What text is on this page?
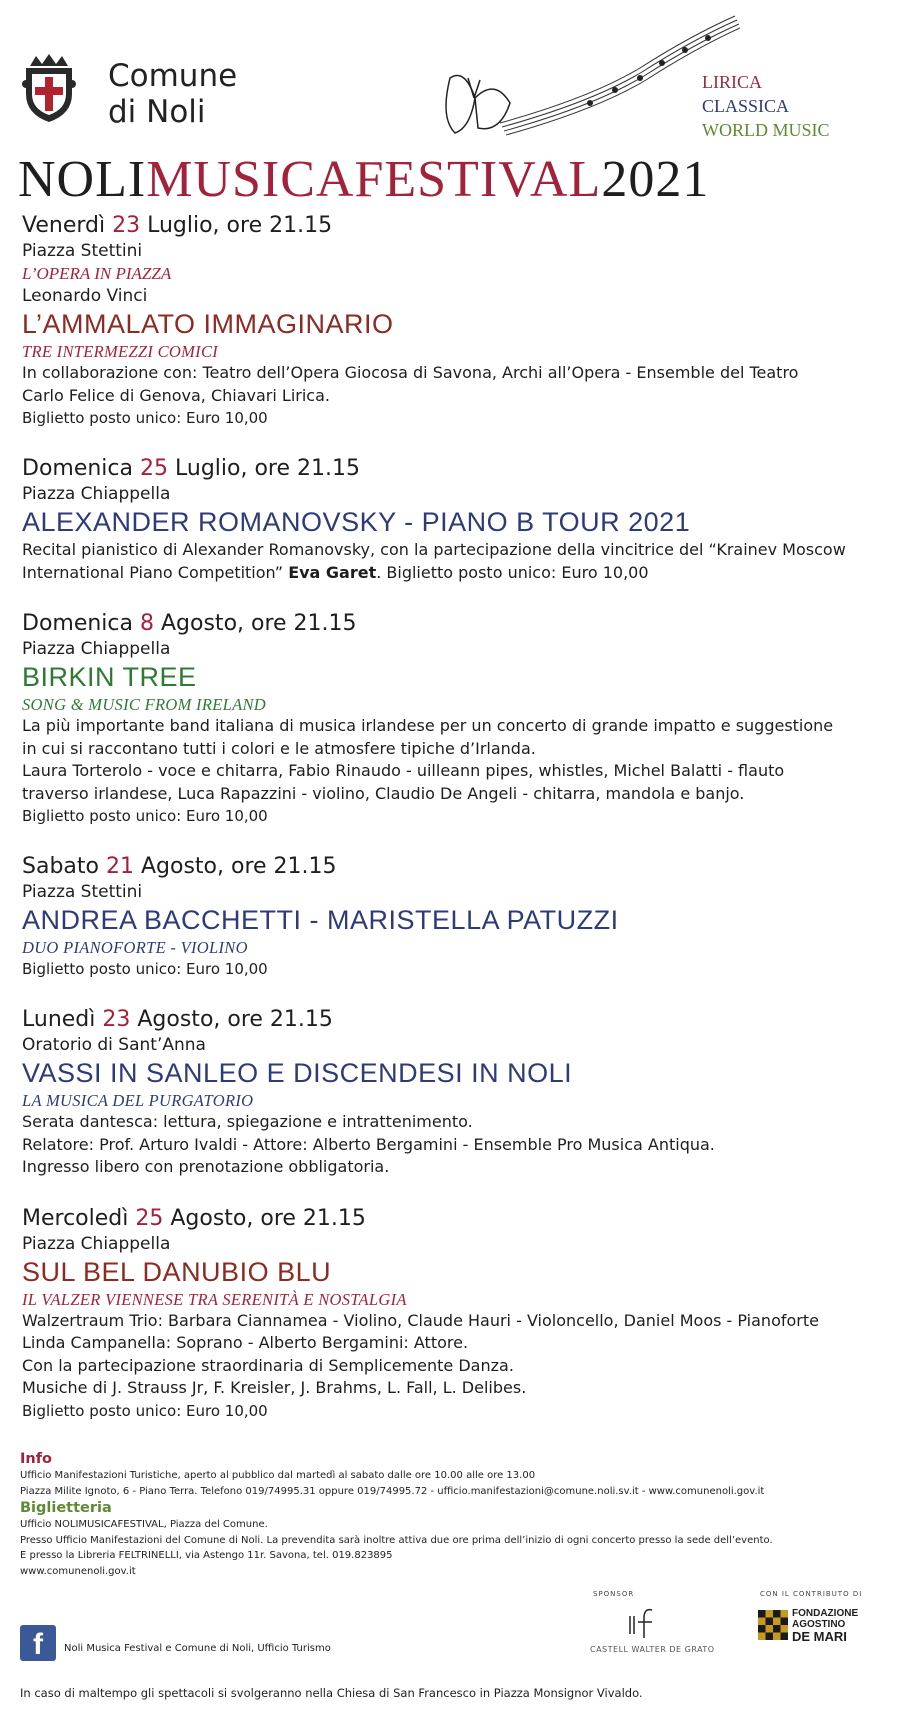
Comune
di Noli
LIRICA
CLASSICA
WORLD MUSIC
NOLIMUSICAFESTIVAL2021
Venerdì 23 Luglio, ore 21.15
Piazza Stettini
L’OPERA IN PIAZZA
Leonardo Vinci
L’AMMALATO IMMAGINARIO
TRE INTERMEZZI COMICI
In collaborazione con: Teatro dell’Opera Giocosa di Savona, Archi all’Opera - Ensemble del Teatro
Carlo Felice di Genova, Chiavari Lirica.
Biglietto posto unico: Euro 10,00
Domenica 25 Luglio, ore 21.15
Piazza Chiappella
ALEXANDER ROMANOVSKY - PIANO B TOUR 2021
Recital pianistico di Alexander Romanovsky, con la partecipazione della vincitrice del “Krainev Moscow
International Piano Competition” Eva Garet. Biglietto posto unico: Euro 10,00
Domenica 8 Agosto, ore 21.15
Piazza Chiappella
BIRKIN TREE
SONG & MUSIC FROM IRELAND
La più importante band italiana di musica irlandese per un concerto di grande impatto e suggestione
in cui si raccontano tutti i colori e le atmosfere tipiche d’Irlanda.
Laura Torterolo - voce e chitarra, Fabio Rinaudo - uilleann pipes, whistles, Michel Balatti - flauto
traverso irlandese, Luca Rapazzini - violino, Claudio De Angeli - chitarra, mandola e banjo.
Biglietto posto unico: Euro 10,00
Sabato 21 Agosto, ore 21.15
Piazza Stettini
ANDREA BACCHETTI - MARISTELLA PATUZZI
DUO PIANOFORTE - VIOLINO
Biglietto posto unico: Euro 10,00
Lunedì 23 Agosto, ore 21.15
Oratorio di Sant’Anna
VASSI IN SANLEO E DISCENDESI IN NOLI
LA MUSICA DEL PURGATORIO
Serata dantesca: lettura, spiegazione e intrattenimento.
Relatore: Prof. Arturo Ivaldi - Attore: Alberto Bergamini - Ensemble Pro Musica Antiqua.
Ingresso libero con prenotazione obbligatoria.
Mercoledì 25 Agosto, ore 21.15
Piazza Chiappella
SUL BEL DANUBIO BLU
IL VALZER VIENNESE TRA SERENITÀ E NOSTALGIA
Walzertraum Trio: Barbara Ciannamea - Violino, Claude Hauri - Violoncello, Daniel Moos - Pianoforte
Linda Campanella: Soprano - Alberto Bergamini: Attore.
Con la partecipazione straordinaria di Semplicemente Danza.
Musiche di J. Strauss Jr, F. Kreisler, J. Brahms, L. Fall, L. Delibes.
Biglietto posto unico: Euro 10,00
Info
Ufficio Manifestazioni Turistiche, aperto al pubblico dal martedì al sabato dalle ore 10.00 alle ore 13.00
Piazza Milite Ignoto, 6 - Piano Terra. Telefono 019/74995.31 oppure 019/74995.72 - ufficio.manifestazioni@comune.noli.sv.it - www.comunenoli.gov.it
Biglietteria
Ufficio NOLIMUSICAFESTIVAL, Piazza del Comune.
Presso Ufficio Manifestazioni del Comune di Noli. La prevendita sarà inoltre attiva due ore prima dell’inizio di ogni concerto presso la sede dell’evento.
E presso la Libreria FELTRINELLI, via Astengo 11r. Savona, tel. 019.823895
www.comunenoli.gov.it
f	Noli Musica Festival e Comune di Noli, Ufficio Turismo
SPONSOR
CASTELL WALTER DE GRATO
CON IL CONTRIBUTO DI
FONDAZIONE
AGOSTINO
DE MARI
In caso di maltempo gli spettacoli si svolgeranno nella Chiesa di San Francesco in Piazza Monsignor Vivaldo.
